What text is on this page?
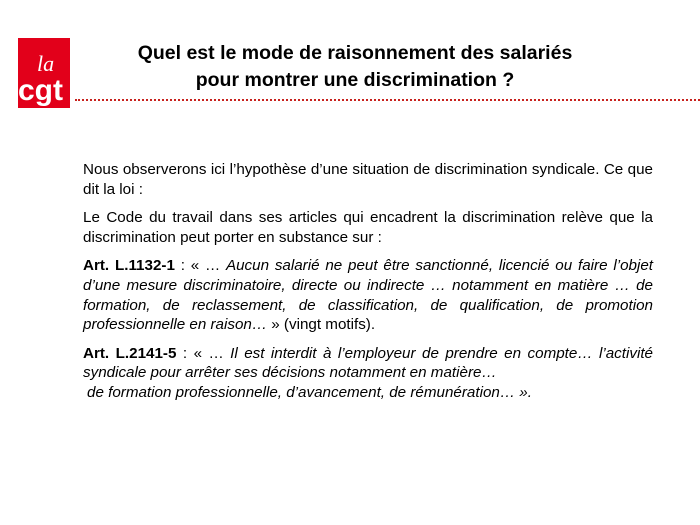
la
cgt
Quel est le mode de raisonnement des salariés
pour montrer une discrimination ?

Nous observerons ici l’hypothèse d’une situation de discrimination syndicale. Ce que dit la loi :

Le Code du travail dans ses articles qui encadrent la discrimination relève que la discrimination peut porter en substance sur :

Art. L.1132-1 : « … Aucun salarié ne peut être sanctionné, licencié ou faire l’objet d’une mesure discriminatoire, directe ou indirecte … notamment en matière … de formation, de reclassement, de classification, de qualification, de promotion professionnelle en raison… » (vingt motifs).

Art. L.2141-5 : « … Il est interdit à l’employeur de prendre en compte… l’activité syndicale pour arrêter ses décisions notamment en matière…
de formation professionnelle, d’avancement, de rémunération… ».
